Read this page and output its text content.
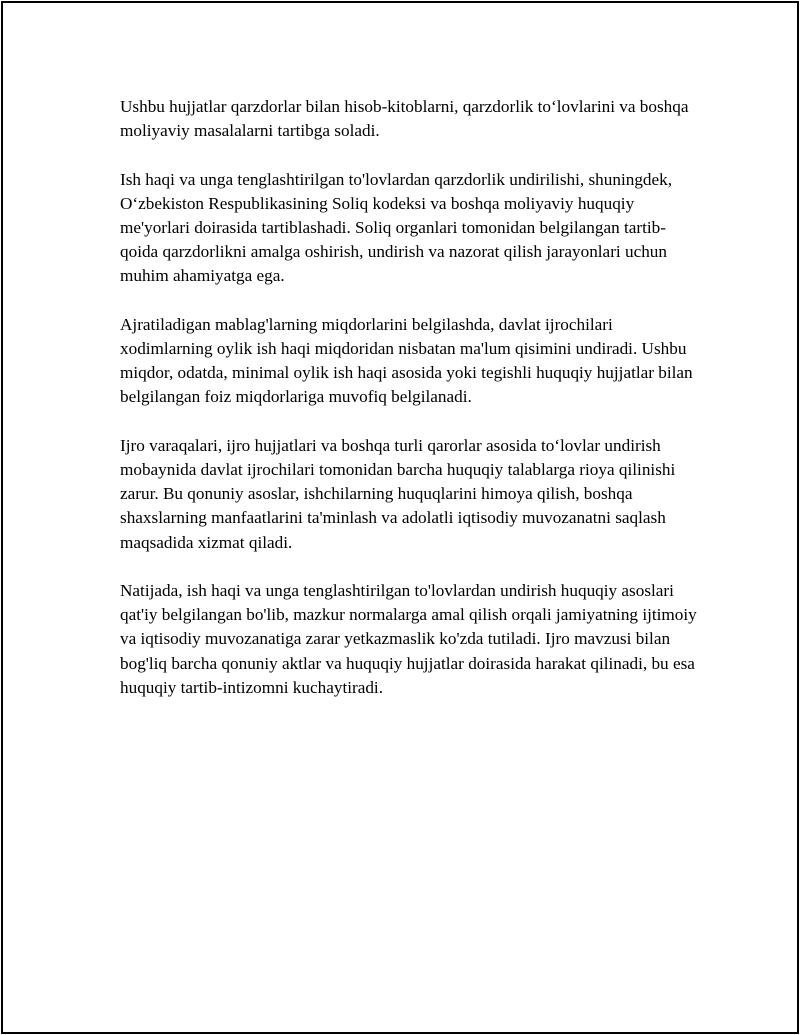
Ushbu hujjatlar qarzdorlar bilan hisob-kitoblarni, qarzdorlik to‘lovlarini va boshqa moliyaviy masalalarni tartibga soladi.

Ish haqi va unga tenglashtirilgan to'lovlardan qarzdorlik undirilishi, shuningdek, O‘zbekiston Respublikasining Soliq kodeksi va boshqa moliyaviy huquqiy me'yorlari doirasida tartiblashadi. Soliq organlari tomonidan belgilangan tartib-qoida qarzdorlikni amalga oshirish, undirish va nazorat qilish jarayonlari uchun muhim ahamiyatga ega.

Ajratiladigan mablag'larning miqdorlarini belgilashda, davlat ijrochilari xodimlarning oylik ish haqi miqdoridan nisbatan ma'lum qisimini undiradi. Ushbu miqdor, odatda, minimal oylik ish haqi asosida yoki tegishli huquqiy hujjatlar bilan belgilangan foiz miqdorlariga muvofiq belgilanadi.

Ijro varaqalari, ijro hujjatlari va boshqa turli qarorlar asosida to‘lovlar undirish mobaynida davlat ijrochilari tomonidan barcha huquqiy talablarga rioya qilinishi zarur. Bu qonuniy asoslar, ishchilarning huquqlarini himoya qilish, boshqa shaxslarning manfaatlarini ta'minlash va adolatli iqtisodiy muvozanatni saqlash maqsadida xizmat qiladi.

Natijada, ish haqi va unga tenglashtirilgan to'lovlardan undirish huquqiy asoslari qat'iy belgilangan bo'lib, mazkur normalarga amal qilish orqali jamiyatning ijtimoiy va iqtisodiy muvozanatiga zarar yetkazmaslik ko'zda tutiladi. Ijro mavzusi bilan bog'liq barcha qonuniy aktlar va huquqiy hujjatlar doirasida harakat qilinadi, bu esa huquqiy tartib-intizomni kuchaytiradi.
